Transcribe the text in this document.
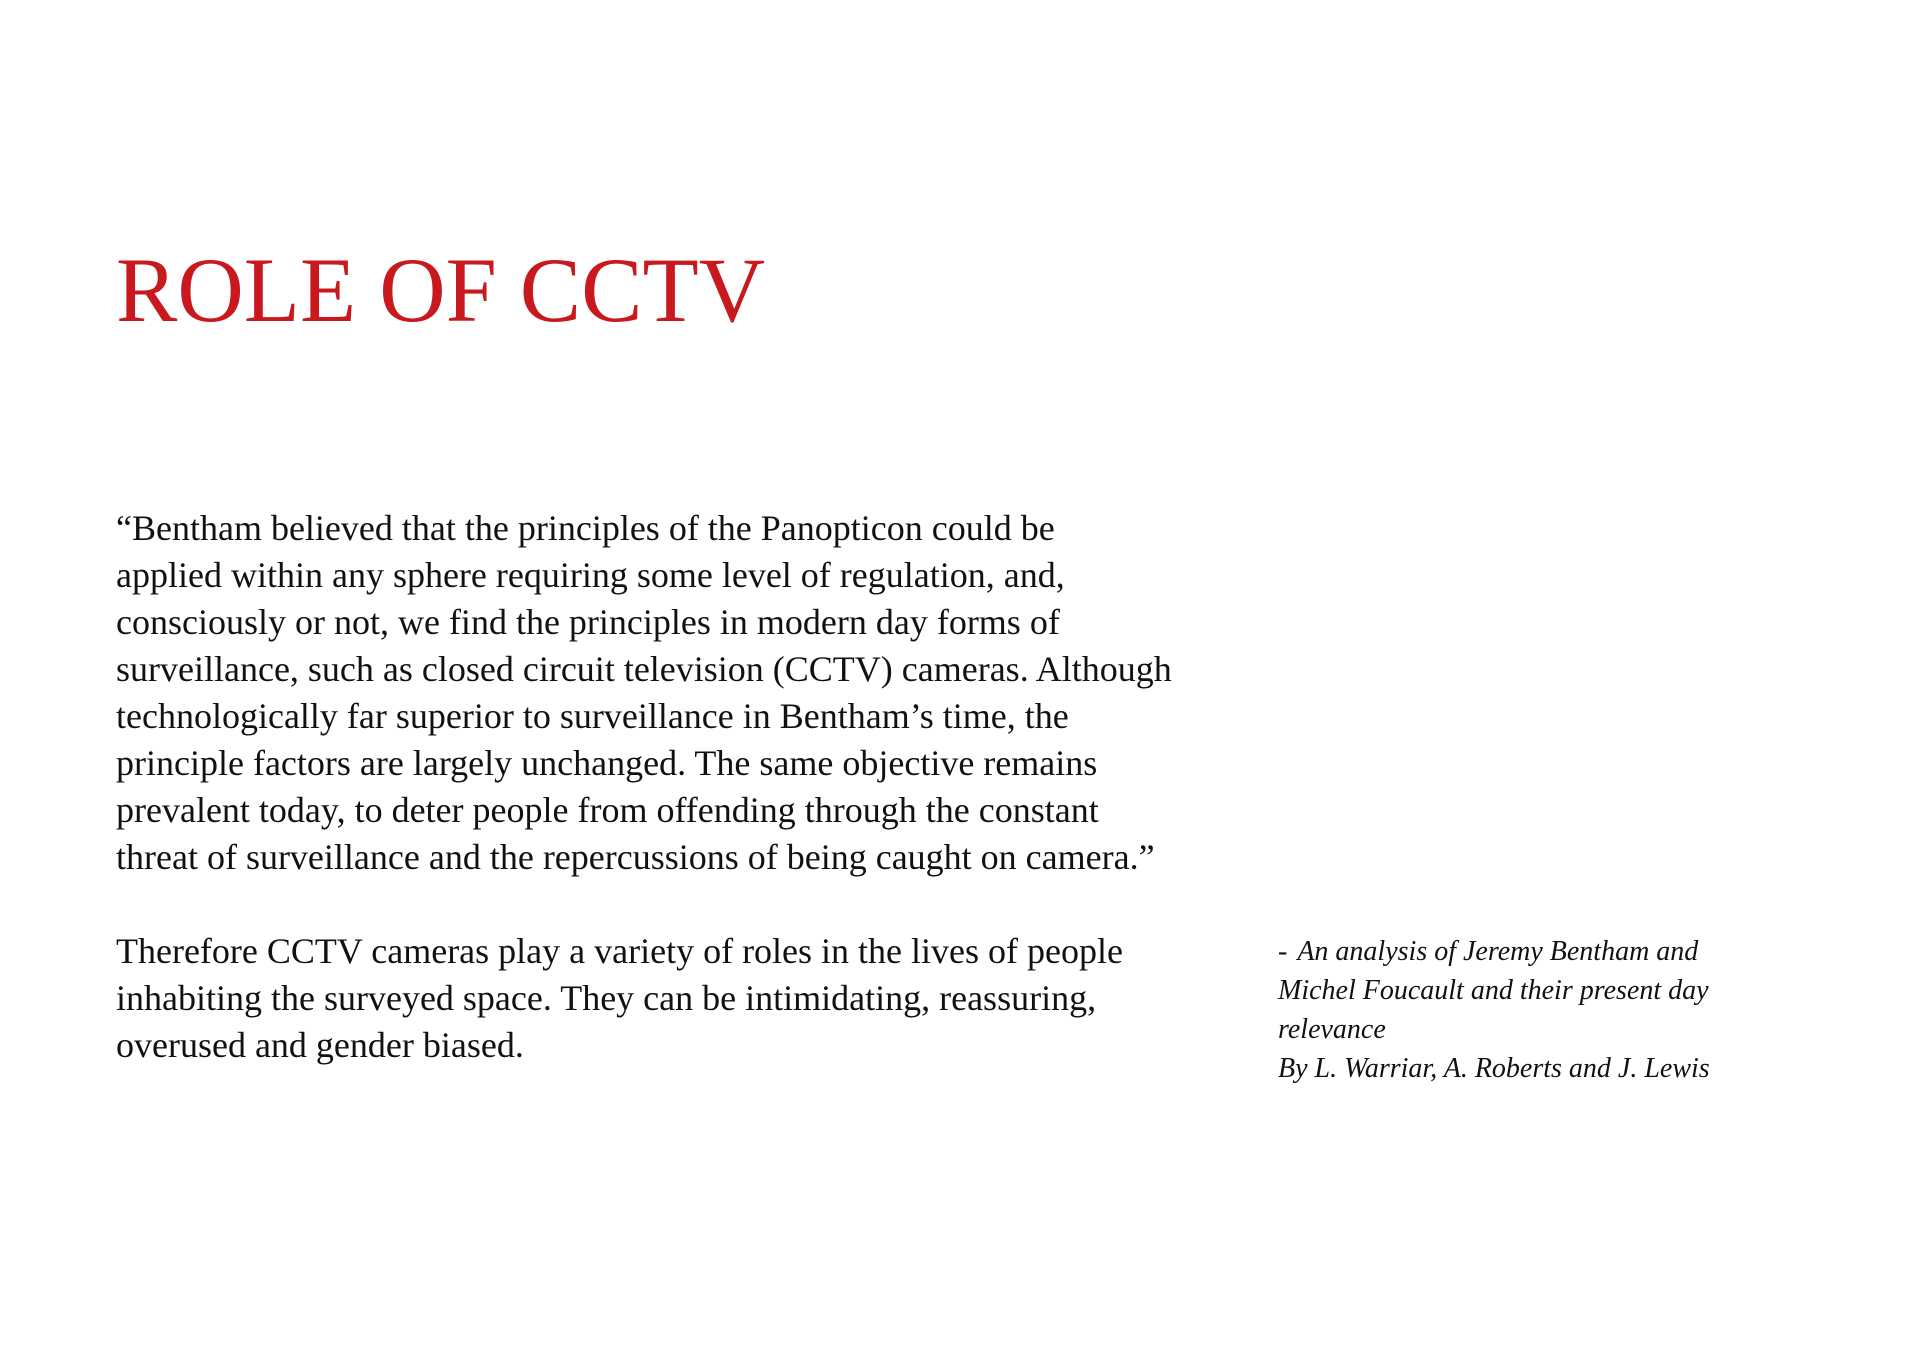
ROLE OF CCTV
“Bentham believed that the principles of the Panopticon could be
applied within any sphere requiring some level of regulation, and,
consciously or not, we find the principles in modern day forms of
surveillance, such as closed circuit television (CCTV) cameras. Although
technologically far superior to surveillance in Bentham’s time, the
principle factors are largely unchanged. The same objective remains
prevalent today, to deter people from offending through the constant
threat of surveillance and the repercussions of being caught on camera.”
Therefore CCTV cameras play a variety of roles in the lives of people
inhabiting the surveyed space. They can be intimidating, reassuring,
overused and gender biased.
- An analysis of Jeremy Bentham and
Michel Foucault and their present day
relevance
By L. Warriar, A. Roberts and J. Lewis
